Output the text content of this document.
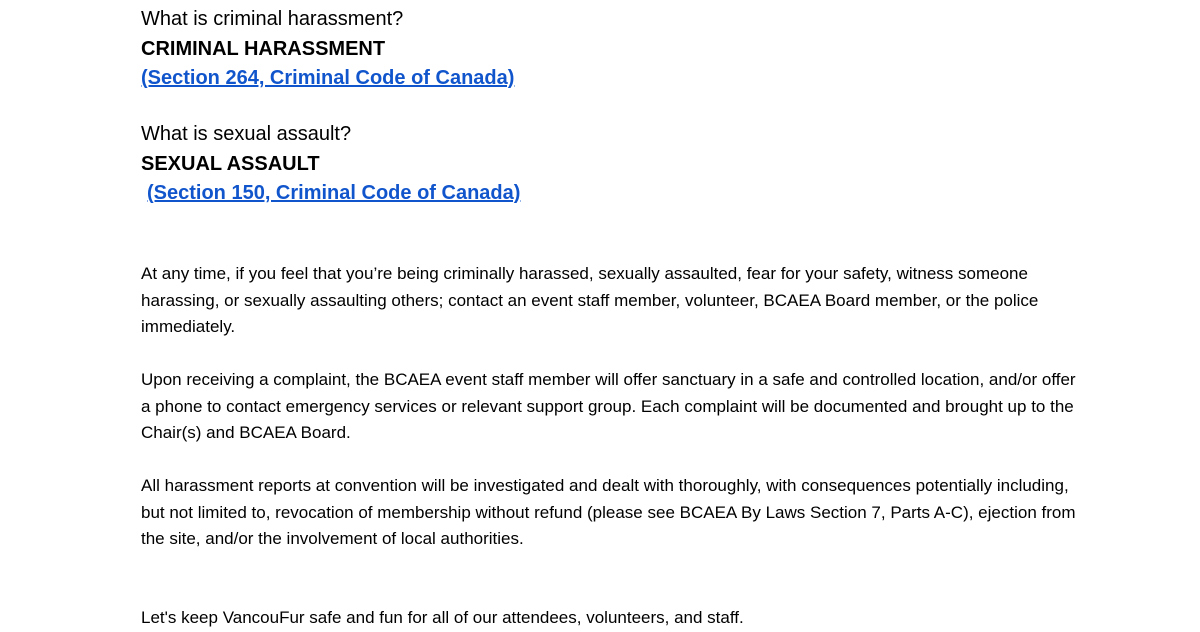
What is criminal harassment?
CRIMINAL HARASSMENT
(Section 264, Criminal Code of Canada)
What is sexual assault?
SEXUAL ASSAULT
(Section 150, Criminal Code of Canada)
At any time, if you feel that you’re being criminally harassed, sexually assaulted, fear for your safety, witness someone harassing, or sexually assaulting others; contact an event staff member, volunteer, BCAEA Board member, or the police immediately.
Upon receiving a complaint, the BCAEA event staff member will offer sanctuary in a safe and controlled location, and/or offer a phone to contact emergency services or relevant support group. Each complaint will be documented and brought up to the Chair(s) and BCAEA Board.
All harassment reports at convention will be investigated and dealt with thoroughly, with consequences potentially including, but not limited to, revocation of membership without refund (please see BCAEA By Laws Section 7, Parts A-C), ejection from the site, and/or the involvement of local authorities.
Let's keep VancouFur safe and fun for all of our attendees, volunteers, and staff.
